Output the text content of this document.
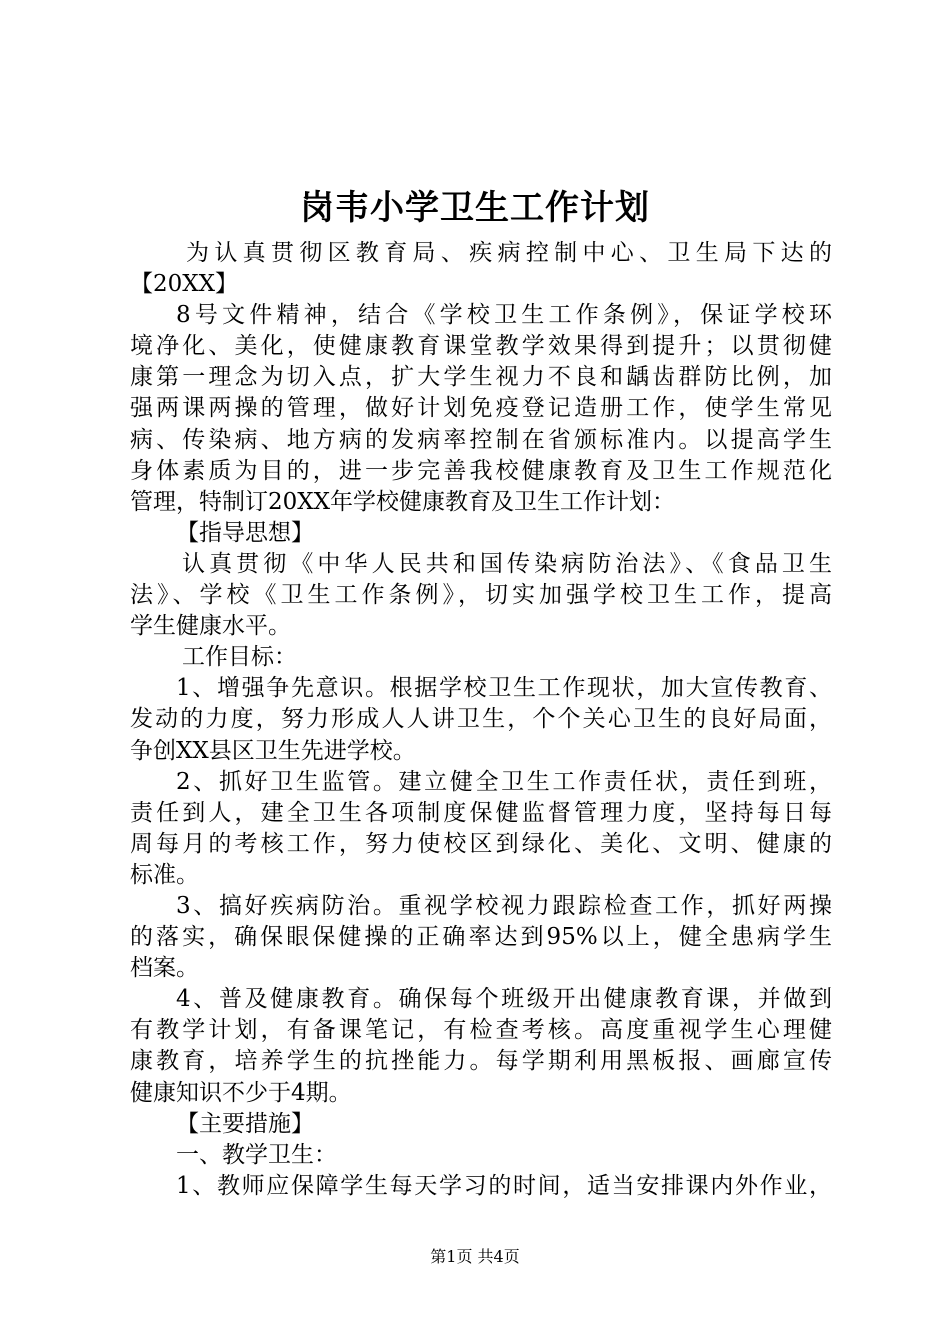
岗韦小学卫生工作计划
为认真贯彻区教育局、疾病控制中心、卫生局下达的
【20XX】
8号文件精神，结合《学校卫生工作条例》，保证学校环
境净化、美化，使健康教育课堂教学效果得到提升；以贯彻健
康第一理念为切入点，扩大学生视力不良和龋齿群防比例，加
强两课两操的管理，做好计划免疫登记造册工作，使学生常见
病、传染病、地方病的发病率控制在省颁标准内。以提高学生
身体素质为目的，进一步完善我校健康教育及卫生工作规范化
管理，特制订20XX年学校健康教育及卫生工作计划：
【指导思想】
认真贯彻《中华人民共和国传染病防治法》、《食品卫生
法》、学校《卫生工作条例》，切实加强学校卫生工作，提高
学生健康水平。
工作目标：
1、增强争先意识。根据学校卫生工作现状，加大宣传教育、
发动的力度，努力形成人人讲卫生，个个关心卫生的良好局面，
争创XX县区卫生先进学校。
2、抓好卫生监管。建立健全卫生工作责任状，责任到班，
责任到人，建全卫生各项制度保健监督管理力度，坚持每日每
周每月的考核工作，努力使校区到绿化、美化、文明、健康的
标准。
3、搞好疾病防治。重视学校视力跟踪检查工作，抓好两操
的落实，确保眼保健操的正确率达到95%以上，健全患病学生
档案。
4、普及健康教育。确保每个班级开出健康教育课，并做到
有教学计划，有备课笔记，有检查考核。高度重视学生心理健
康教育，培养学生的抗挫能力。每学期利用黑板报、画廊宣传
健康知识不少于4期。
【主要措施】
一、教学卫生：
1、教师应保障学生每天学习的时间，适当安排课内外作业，
第1页 共4页
